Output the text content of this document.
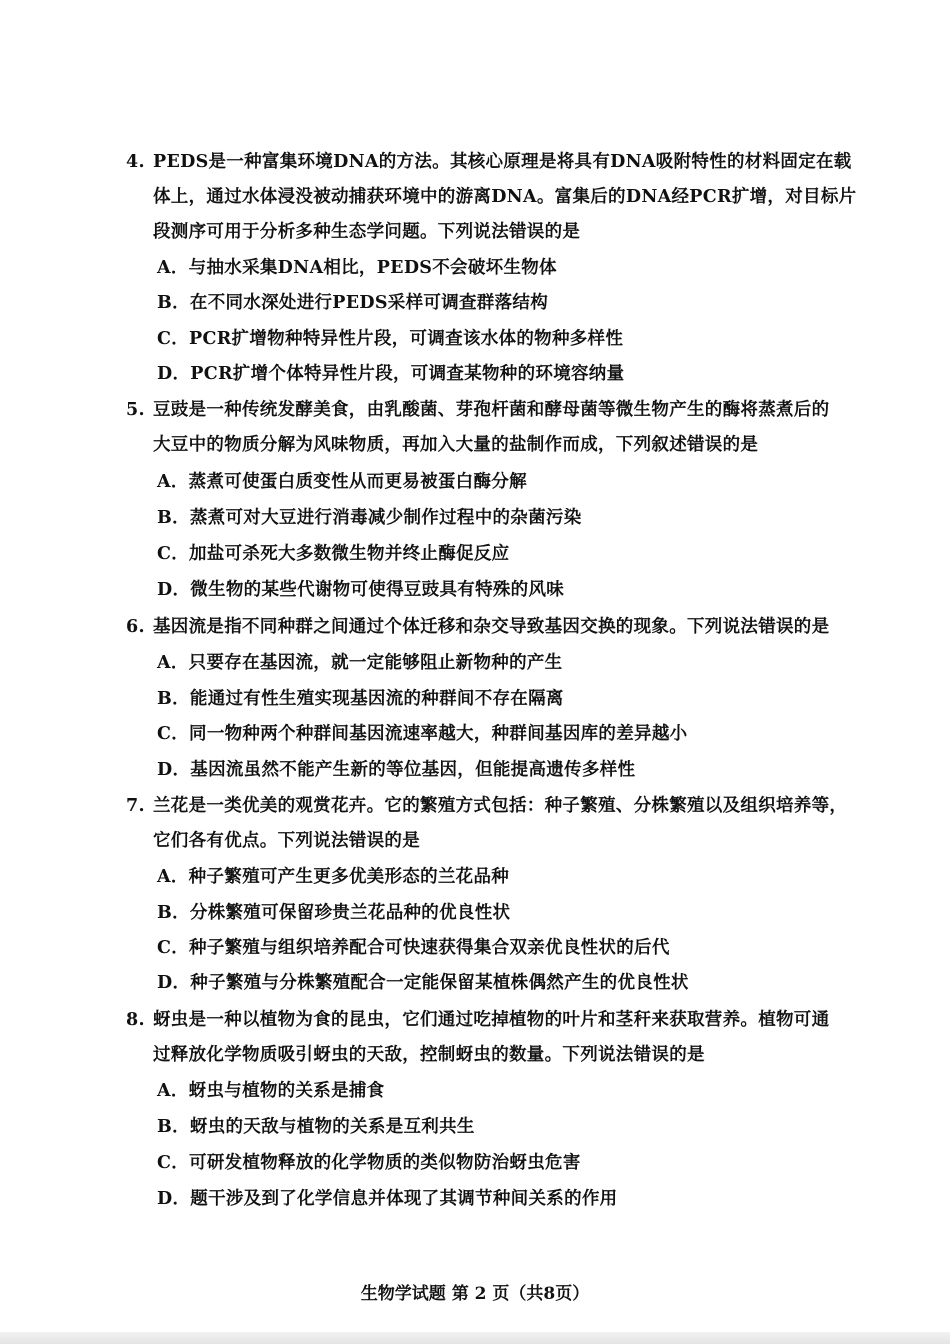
4. PEDS是一种富集环境DNA的方法。其核心原理是将具有DNA吸附特性的材料固定在载
体上，通过水体浸没被动捕获环境中的游离DNA。富集后的DNA经PCR扩增，对目标片
段测序可用于分析多种生态学问题。下列说法错误的是
A．与抽水采集DNA相比，PEDS不会破坏生物体
B．在不同水深处进行PEDS采样可调查群落结构
C．PCR扩增物种特异性片段，可调查该水体的物种多样性
D．PCR扩增个体特异性片段，可调查某物种的环境容纳量
5. 豆豉是一种传统发酵美食，由乳酸菌、芽孢杆菌和酵母菌等微生物产生的酶将蒸煮后的
大豆中的物质分解为风味物质，再加入大量的盐制作而成，下列叙述错误的是
A．蒸煮可使蛋白质变性从而更易被蛋白酶分解
B．蒸煮可对大豆进行消毒减少制作过程中的杂菌污染
C．加盐可杀死大多数微生物并终止酶促反应
D．微生物的某些代谢物可使得豆豉具有特殊的风味
6. 基因流是指不同种群之间通过个体迁移和杂交导致基因交换的现象。下列说法错误的是
A．只要存在基因流，就一定能够阻止新物种的产生
B．能通过有性生殖实现基因流的种群间不存在隔离
C．同一物种两个种群间基因流速率越大，种群间基因库的差异越小
D．基因流虽然不能产生新的等位基因，但能提高遗传多样性
7. 兰花是一类优美的观赏花卉。它的繁殖方式包括：种子繁殖、分株繁殖以及组织培养等，
它们各有优点。下列说法错误的是
A．种子繁殖可产生更多优美形态的兰花品种
B．分株繁殖可保留珍贵兰花品种的优良性状
C．种子繁殖与组织培养配合可快速获得集合双亲优良性状的后代
D．种子繁殖与分株繁殖配合一定能保留某植株偶然产生的优良性状
8. 蚜虫是一种以植物为食的昆虫，它们通过吃掉植物的叶片和茎秆来获取营养。植物可通
过释放化学物质吸引蚜虫的天敌，控制蚜虫的数量。下列说法错误的是
A．蚜虫与植物的关系是捕食
B．蚜虫的天敌与植物的关系是互利共生
C．可研发植物释放的化学物质的类似物防治蚜虫危害
D．题干涉及到了化学信息并体现了其调节种间关系的作用
生物学试题 第 2 页（共8页）
